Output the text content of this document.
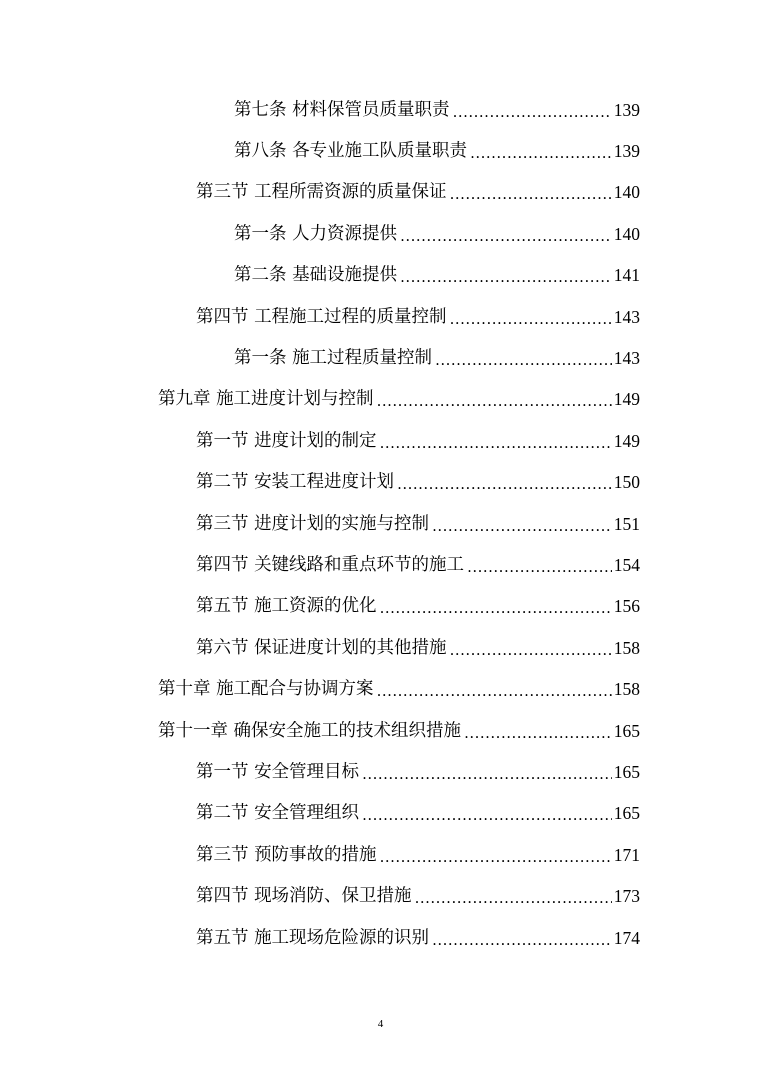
第七条 材料保管员质量职责 .....	139
第八条 各专业施工队质量职责 .....	139
第三节 工程所需资源的质量保证 .....	140
第一条 人力资源提供 .....	140
第二条 基础设施提供 .....	141
第四节 工程施工过程的质量控制 .....	143
第一条 施工过程质量控制 .....	143
第九章 施工进度计划与控制 .....	149
第一节 进度计划的制定 .....	149
第二节 安装工程进度计划 .....	150
第三节 进度计划的实施与控制 .....	151
第四节 关键线路和重点环节的施工 .....	154
第五节 施工资源的优化 .....	156
第六节 保证进度计划的其他措施 .....	158
第十章 施工配合与协调方案 .....	158
第十一章 确保安全施工的技术组织措施 .....	165
第一节 安全管理目标 .....	165
第二节 安全管理组织 .....	165
第三节 预防事故的措施 .....	171
第四节 现场消防、保卫措施 .....	173
第五节 施工现场危险源的识别 .....	174
4
